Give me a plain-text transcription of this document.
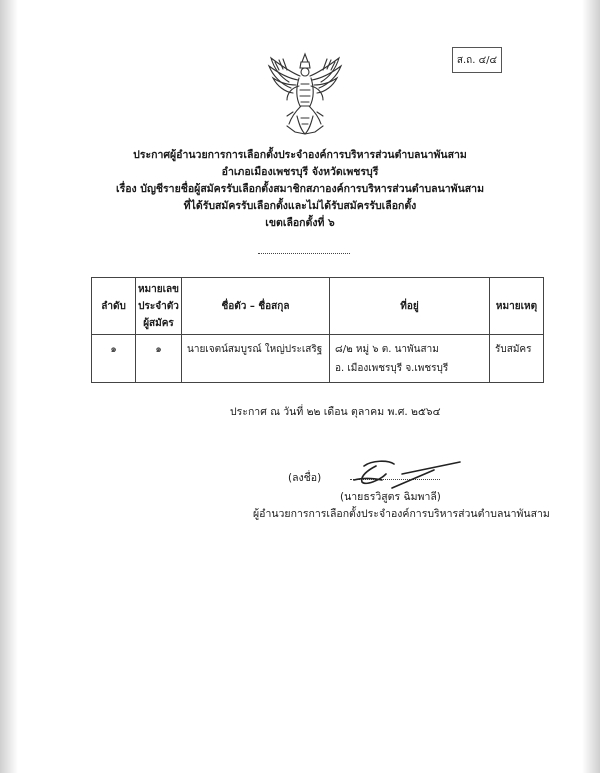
ส.ถ. ๔/๔
ประกาศผู้อำนวยการการเลือกตั้งประจำองค์การบริหารส่วนตำบลนาพันสาม
อำเภอเมืองเพชรบุรี จังหวัดเพชรบุรี
เรื่อง บัญชีรายชื่อผู้สมัครรับเลือกตั้งสมาชิกสภาองค์การบริหารส่วนตำบลนาพันสาม
ที่ได้รับสมัครรับเลือกตั้งและไม่ได้รับสมัครรับเลือกตั้ง
เขตเลือกตั้งที่ ๖
ลำดับ	หมายเลข
ประจำตัว
ผู้สมัคร	ชื่อตัว – ชื่อสกุล	ที่อยู่	หมายเหตุ
๑	๑	นายเจตน์สมบูรณ์ ใหญ่ประเสริฐ	๘/๒ หมู่ ๖ ต. นาพันสาม
อ. เมืองเพชรบุรี จ.เพชรบุรี	รับสมัคร
ประกาศ ณ วันที่ ๒๒ เดือน ตุลาคม พ.ศ. ๒๕๖๔
(ลงชื่อ)
(นายธรวิสูตร ฉิมพาลี)
ผู้อำนวยการการเลือกตั้งประจำองค์การบริหารส่วนตำบลนาพันสาม
